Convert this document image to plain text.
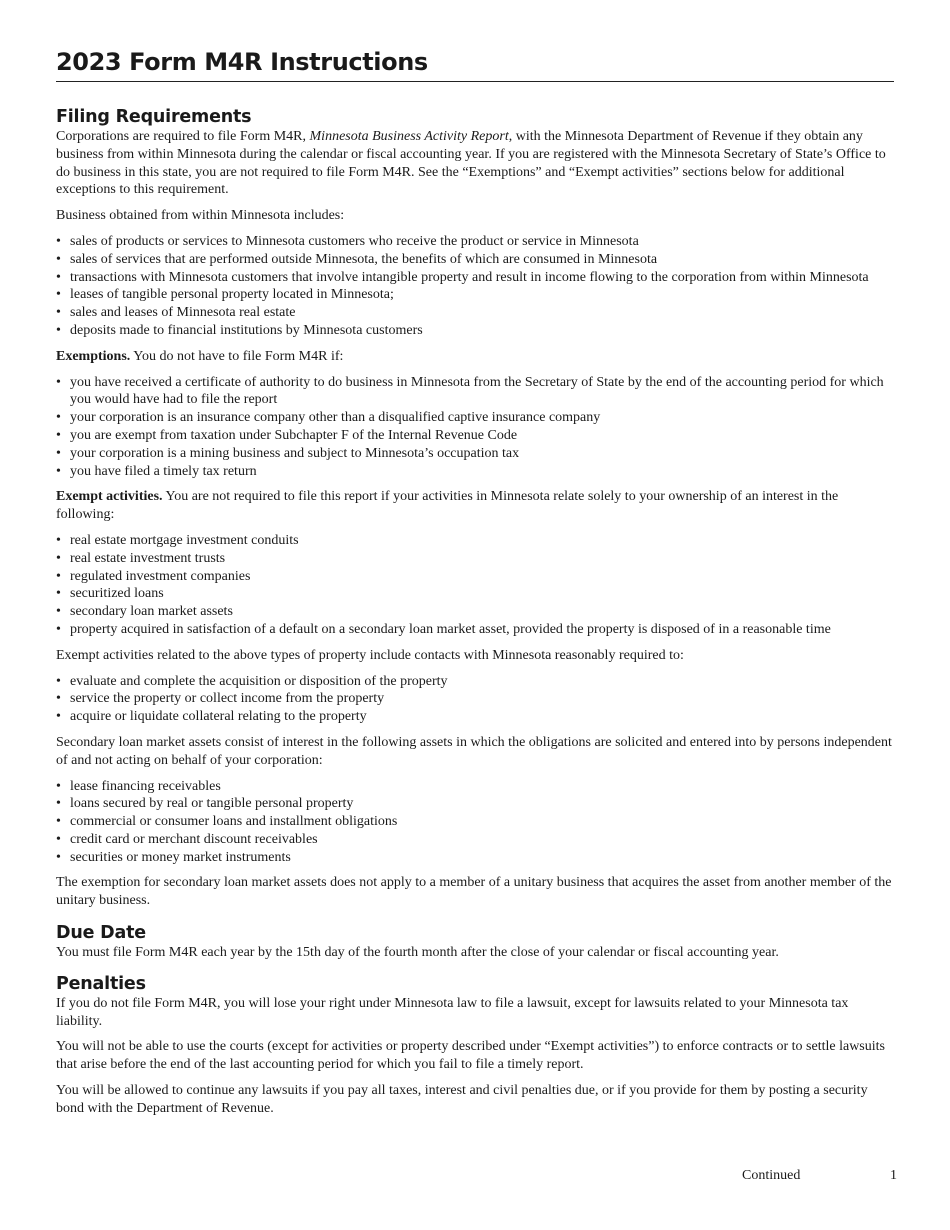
2023 Form M4R Instructions
Filing Requirements

Corporations are required to file Form M4R, Minnesota Business Activity Report, with the Minnesota Department of Revenue if they obtain any business from within Minnesota during the calendar or fiscal accounting year. If you are registered with the Minnesota Secretary of State’s Office to do business in this state, you are not required to file Form M4R. See the “Exemptions” and “Exempt activities” sections below for additional exceptions to this requirement.

Business obtained from within Minnesota includes:

• sales of products or services to Minnesota customers who receive the product or service in Minnesota
• sales of services that are performed outside Minnesota, the benefits of which are consumed in Minnesota
• transactions with Minnesota customers that involve intangible property and result in income flowing to the corporation from within Minnesota
• leases of tangible personal property located in Minnesota;
• sales and leases of Minnesota real estate
• deposits made to financial institutions by Minnesota customers

Exemptions. You do not have to file Form M4R if:

• you have received a certificate of authority to do business in Minnesota from the Secretary of State by the end of the accounting period for which you would have had to file the report
• your corporation is an insurance company other than a disqualified captive insurance company
• you are exempt from taxation under Subchapter F of the Internal Revenue Code
• your corporation is a mining business and subject to Minnesota’s occupation tax
• you have filed a timely tax return

Exempt activities. You are not required to file this report if your activities in Minnesota relate solely to your ownership of an interest in the following:

• real estate mortgage investment conduits
• real estate investment trusts
• regulated investment companies
• securitized loans
• secondary loan market assets
• property acquired in satisfaction of a default on a secondary loan market asset, provided the property is disposed of in a reasonable time

Exempt activities related to the above types of property include contacts with Minnesota reasonably required to:

• evaluate and complete the acquisition or disposition of the property
• service the property or collect income from the property
• acquire or liquidate collateral relating to the property

Secondary loan market assets consist of interest in the following assets in which the obligations are solicited and entered into by persons independent of and not acting on behalf of your corporation:

• lease financing receivables
• loans secured by real or tangible personal property
• commercial or consumer loans and installment obligations
• credit card or merchant discount receivables
• securities or money market instruments

The exemption for secondary loan market assets does not apply to a member of a unitary business that acquires the asset from another member of the unitary business.

Due Date

You must file Form M4R each year by the 15th day of the fourth month after the close of your calendar or fiscal accounting year.

Penalties

If you do not file Form M4R, you will lose your right under Minnesota law to file a lawsuit, except for lawsuits related to your Minnesota tax liability.

You will not be able to use the courts (except for activities or property described under “Exempt activities”) to enforce contracts or to settle lawsuits that arise before the end of the last accounting period for which you fail to file a timely report.

You will be allowed to continue any lawsuits if you pay all taxes, interest and civil penalties due, or if you provide for them by posting a security bond with the Department of Revenue.

Continued	1
